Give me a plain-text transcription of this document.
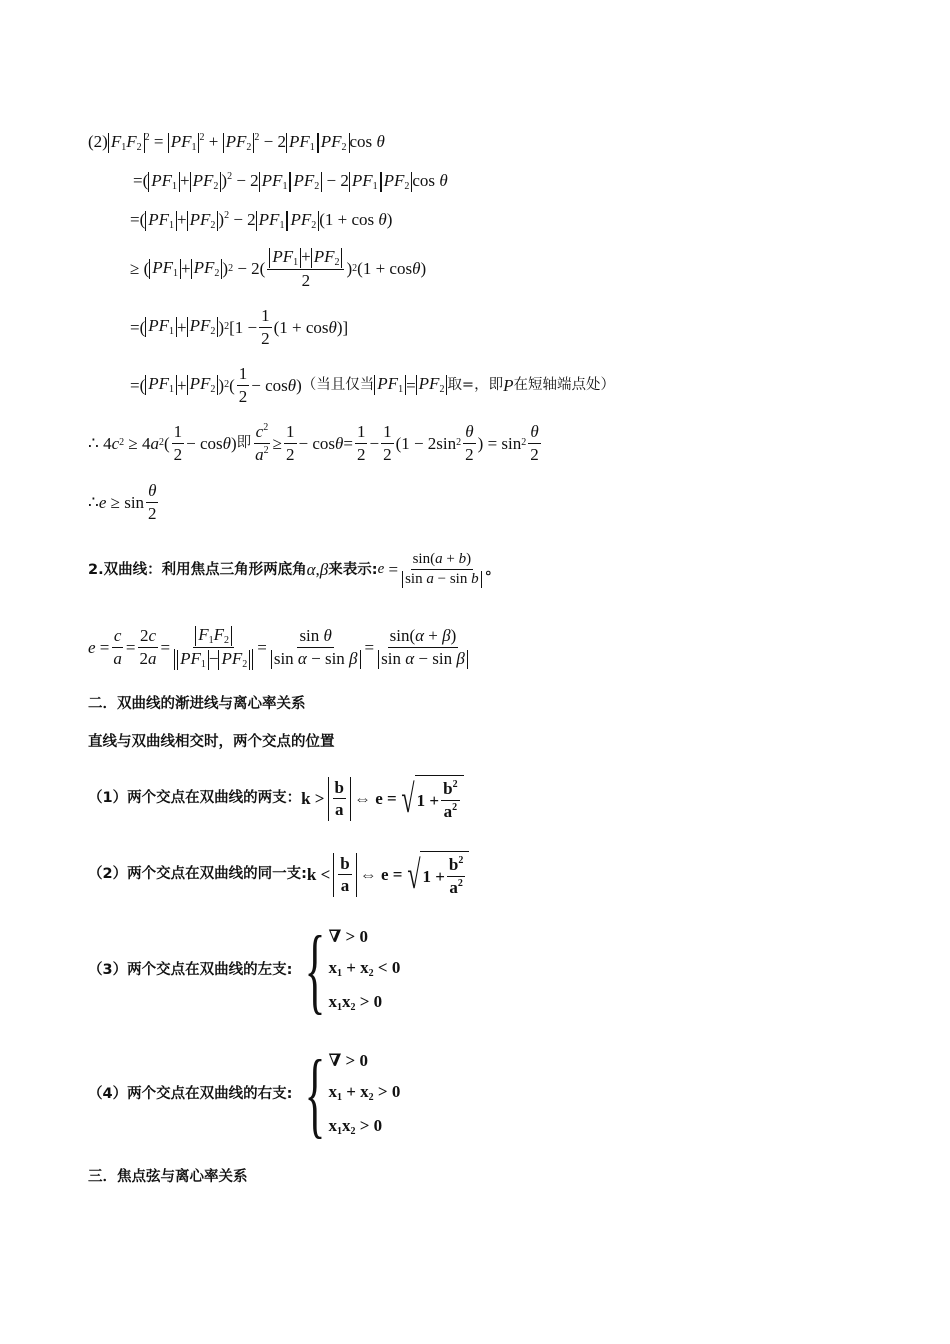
(2) $F_1F_2^2 = PF_1^2 + PF_2^2 - 2$ $PF_1$ $PF_2$ cos θ
=( $PF_1 + PF_2$ )$^2$ − 2 $PF_1$ $PF_2 - 2$ $PF_1$ $PF_2$ cos θ
=( $PF_1 + PF_2$ )$^2$ − 2 $PF_1$ $PF_2$ (1 + cos θ)
≥ ( $PF_1 + PF_2$ ) $2 - 2( \frac{PF_1 + PF_2}{2}$ ) 2 (1 + cos θ )
=( $PF_1 + PF_2$ ) 2 [$1 - \frac{1}{2} (1 + \cos \theta$ )]
=( $PF_1 + PF_2$ ) 2 ( $\frac{1}{2} - \cos \theta$ ) （当且仅当 $PF_1 = PF_2$ 取=，即 P 在短轴端点处）
∴ 4 c 2 ≥ 4 a 2 ( $\frac{1}{2} - \cos \theta$ ) 即 $\frac{c^2}{a^2} \ge \frac{1}{2} - \cos \theta = \frac{1}{2} - \frac{1}{2} (1 - 2\sin$ $2 \frac{\theta}{2}$ ) = $\sin 2 \frac{\theta}{2}$
∴ $e \ge \sin \frac{\theta}{2}$
2.双曲线：利用焦点三角形两底角 α , β 来表示: $e = \frac{\sin(a + b)}{\text{sin a − sin b}}$ 。
$e = \frac{c}{a} = \frac{2c}{2a} = \frac{F_1F_2}{PF_1 - PF_2} = \frac{\text{sin θ}}{\text{sin α − sin β}} = \frac{\sin(\alpha + \beta)}{\text{sin α − sin β}}$
二．双曲线的渐进线与离心率关系
直线与双曲线相交时，两个交点的位置
（1）两个交点在双曲线的两支： $k > \frac{b}{a}$ ⇔ e = √ $1 + \frac{b^2}{a^2}$
（2）两个交点在双曲线的同一支: $k < \frac{b}{a}$ ⇔ e = √ $1 + \frac{b^2}{a^2}$
（3）两个交点在双曲线的左支: { ∇ > 0
$x_1 + x_2 < 0$
$x_1x_2 > 0$
（4）两个交点在双曲线的右支: { ∇ > 0
$x_1 + x_2 > 0$
$x_1x_2 > 0$
三．焦点弦与离心率关系
